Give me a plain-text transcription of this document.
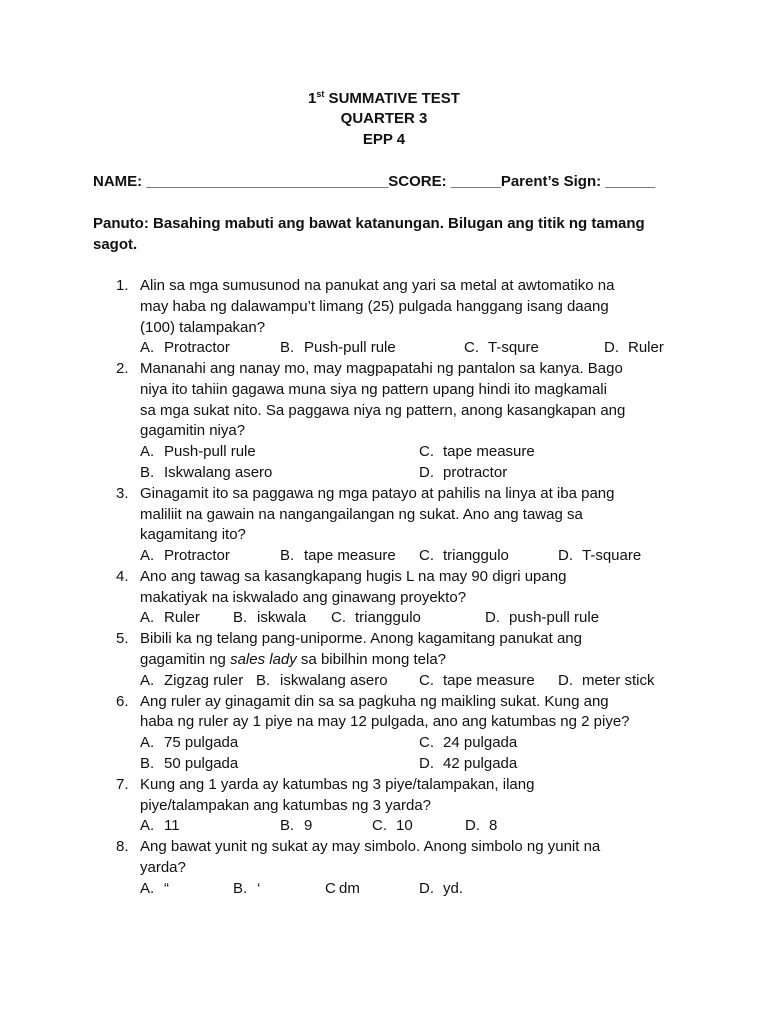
1st SUMMATIVE TEST
QUARTER 3
EPP 4
NAME: _____________________________SCORE: ______Parent’s Sign: ______
Panuto: Basahing mabuti ang bawat katanungan. Bilugan ang titik ng tamang sagot.
1. Alin sa mga sumusunod na panukat ang yari sa metal at awtomatiko na
may haba ng dalawampu’t limang (25) pulgada hanggang isang daang
(100) talampakan?
A. Protractor	B. Push-pull rule	C. T-squre	D. Ruler
2. Mananahi ang nanay mo, may magpapatahi ng pantalon sa kanya. Bago
niya ito tahiin gagawa muna siya ng pattern upang hindi ito magkamali
sa mga sukat nito. Sa paggawa niya ng pattern, anong kasangkapan ang
gagamitin niya?
A. Push-pull rule	C. tape measure
B. Iskwalang asero	D. protractor
3. Ginagamit ito sa paggawa ng mga patayo at pahilis na linya at iba pang
maliliit na gawain na nangangailangan ng sukat. Ano ang tawag sa
kagamitang ito?
A. Protractor	B. tape measure C. trianggulo	D. T-square
4. Ano ang tawag sa kasangkapang hugis L na may 90 digri upang
makatiyak na iskwalado ang ginawang proyekto?
A. Ruler B. iskwala C. trianggulo	D. push-pull rule
5. Bibili ka ng telang pang-uniporme. Anong kagamitang panukat ang
gagamitin ng sales lady sa bibilhin mong tela?
A. Zigzag ruler B. iskwalang asero C. tape measure D. meter stick
6. Ang ruler ay ginagamit din sa sa pagkuha ng maikling sukat. Kung ang
haba ng ruler ay 1 piye na may 12 pulgada, ano ang katumbas ng 2 piye?
A. 75 pulgada	C. 24 pulgada
B. 50 pulgada	D. 42 pulgada
7. Kung ang 1 yarda ay katumbas ng 3 piye/talampakan, ilang
piye/talampakan ang katumbas ng 3 yarda?
A. 11	B. 9	C. 10	D. 8
8. Ang bawat yunit ng sukat ay may simbolo. Anong simbolo ng yunit na
yarda?
A. “	B. ‘	C dm	D. yd.
